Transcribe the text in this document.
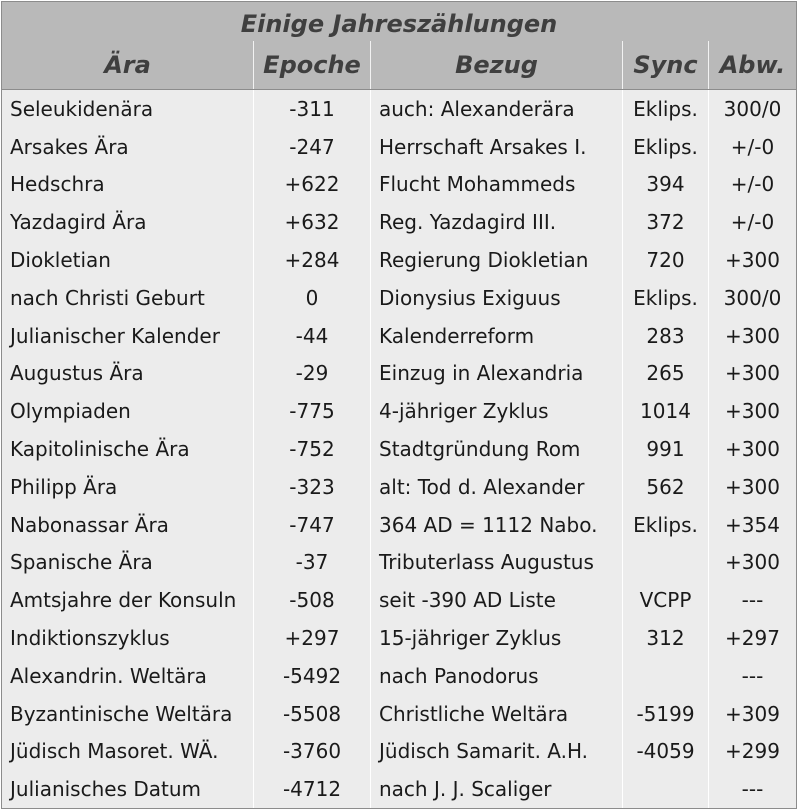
Einige Jahreszählungen
Ära	Epoche	Bezug	Sync	Abw.
Seleukidenära	-311	auch: Alexanderära	Eklips.	300/0
Arsakes Ära	-247	Herrschaft Arsakes I.	Eklips.	+/-0
Hedschra	+622	Flucht Mohammeds	394	+/-0
Yazdagird Ära	+632	Reg. Yazdagird III.	372	+/-0
Diokletian	+284	Regierung Diokletian	720	+300
nach Christi Geburt	0	Dionysius Exiguus	Eklips.	300/0
Julianischer Kalender	-44	Kalenderreform	283	+300
Augustus Ära	-29	Einzug in Alexandria	265	+300
Olympiaden	-775	4-jähriger Zyklus	1014	+300
Kapitolinische Ära	-752	Stadtgründung Rom	991	+300
Philipp Ära	-323	alt: Tod d. Alexander	562	+300
Nabonassar Ära	-747	364 AD = 1112 Nabo.	Eklips.	+354
Spanische Ära	-37	Tributerlass Augustus		+300
Amtsjahre der Konsuln	-508	seit -390 AD Liste	VCPP	---
Indiktionszyklus	+297	15-jähriger Zyklus	312	+297
Alexandrin. Weltära	-5492	nach Panodorus		---
Byzantinische Weltära	-5508	Christliche Weltära	-5199	+309
Jüdisch Masoret. WÄ.	-3760	Jüdisch Samarit. A.H.	-4059	+299
Julianisches Datum	-4712	nach J. J. Scaliger		---
